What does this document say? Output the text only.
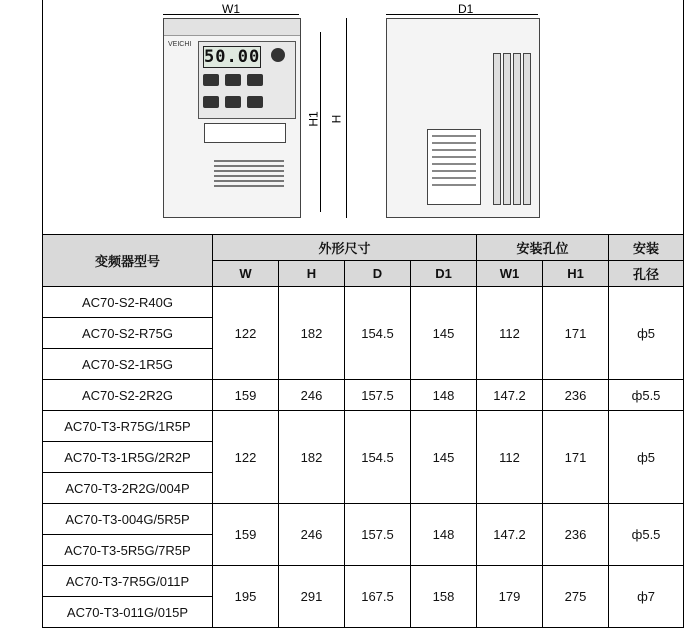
W1
H1 H
VEICHI
50.00
D1
变频器型号	外形尺寸				安装孔位		安装
	W	H	D	D1	W1	H1	孔径
AC70-S2-R40G	122	182	154.5	145	112	171	ф5
AC70-S2-R75G							
AC70-S2-1R5G							
AC70-S2-2R2G	159	246	157.5	148	147.2	236	ф5.5
AC70-T3-R75G/1R5P	122	182	154.5	145	112	171	ф5
AC70-T3-1R5G/2R2P							
AC70-T3-2R2G/004P							
AC70-T3-004G/5R5P	159	246	157.5	148	147.2	236	ф5.5
AC70-T3-5R5G/7R5P							
AC70-T3-7R5G/011P	195	291	167.5	158	179	275	ф7
AC70-T3-011G/015P							
